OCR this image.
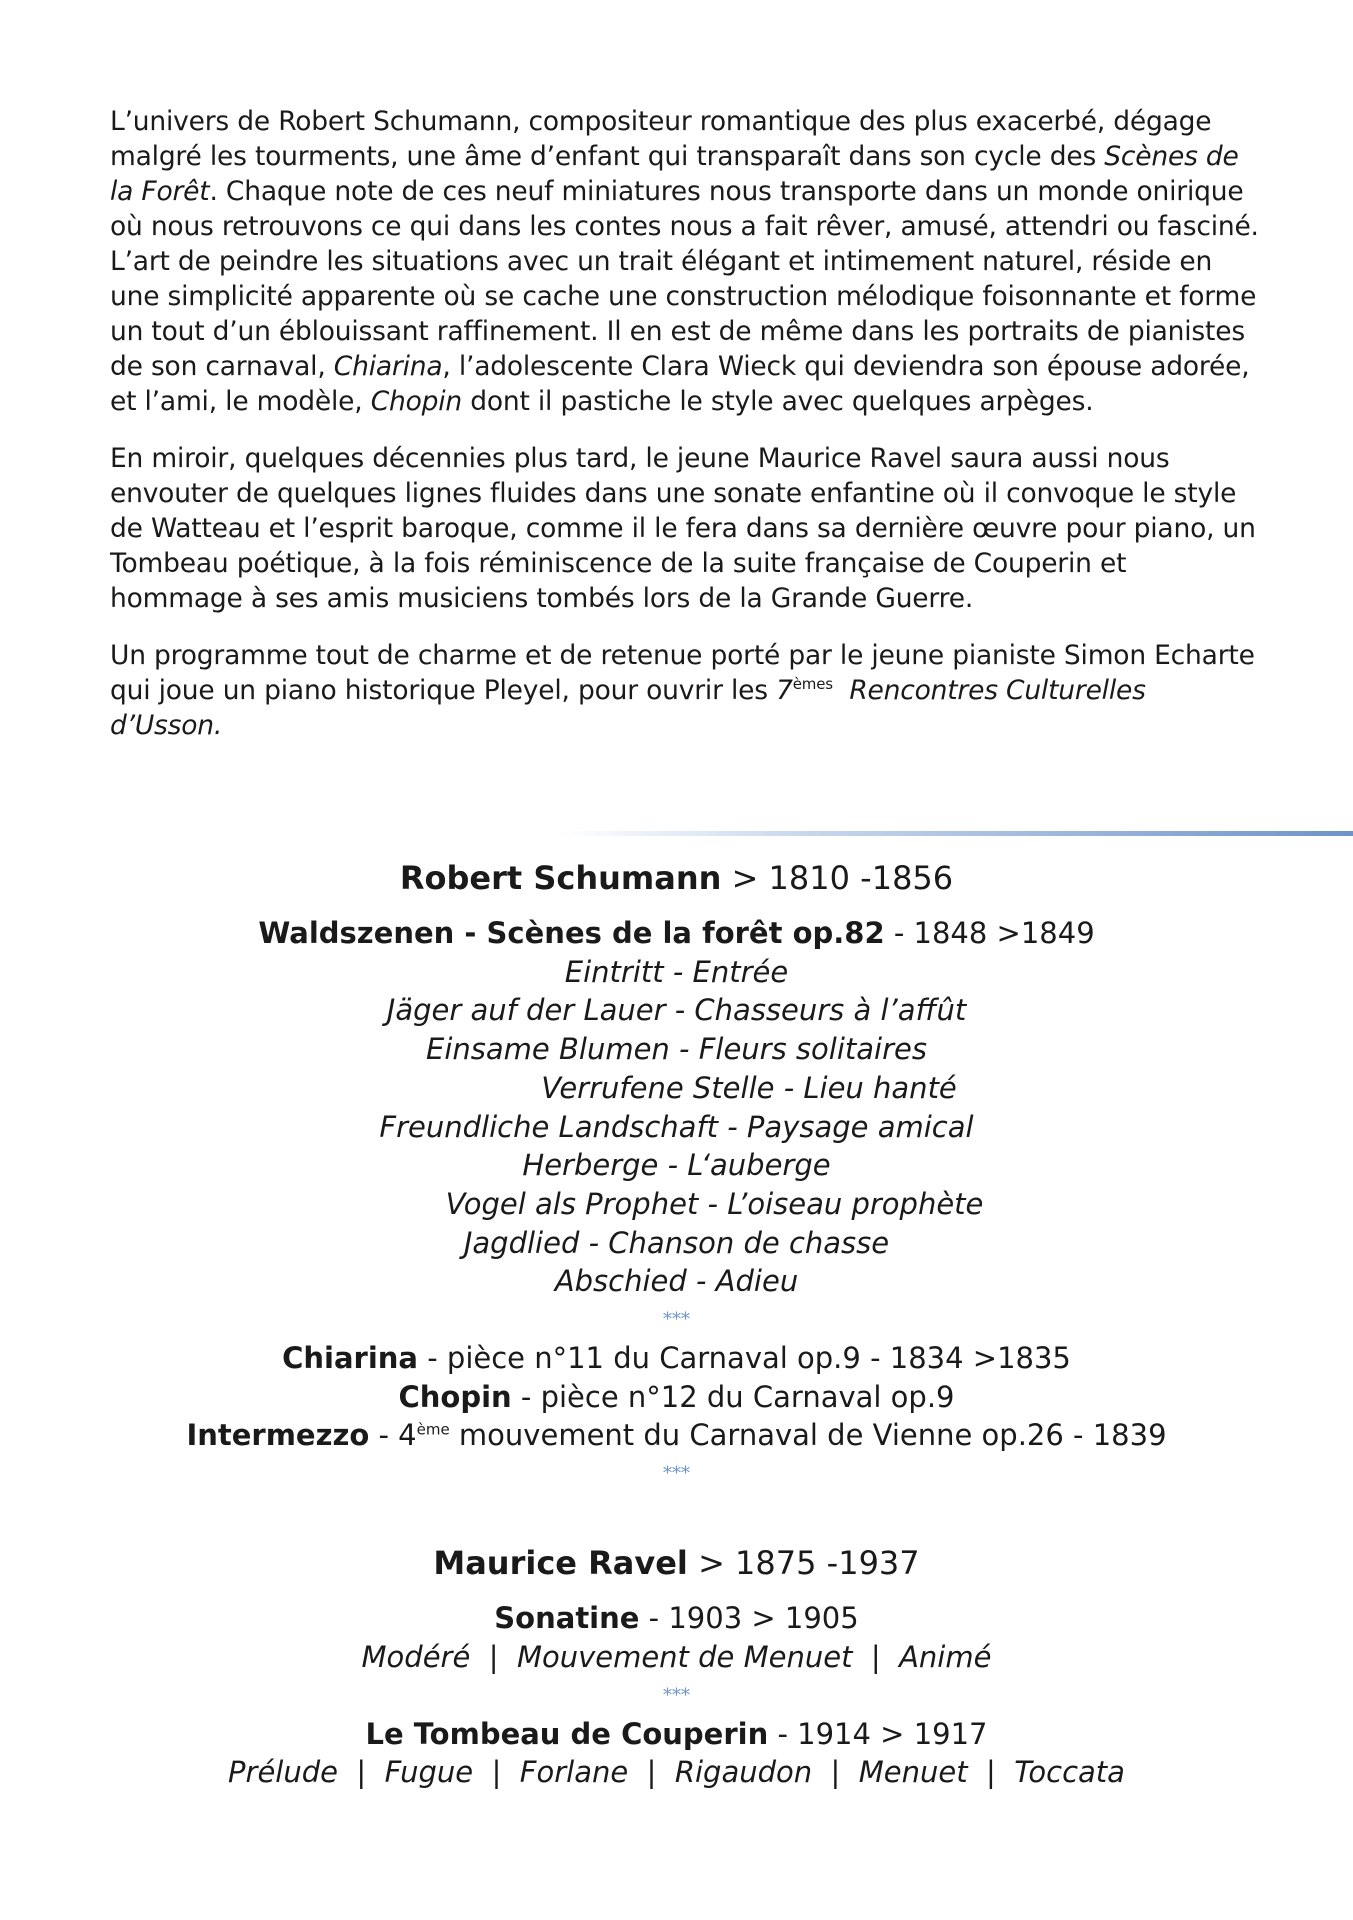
L’univers de Robert Schumann, compositeur romantique des plus exacerbé, dégage malgré les tourments, une âme d’enfant qui transparaît dans son cycle des Scènes de la Forêt. Chaque note de ces neuf miniatures nous transporte dans un monde onirique où nous retrouvons ce qui dans les contes nous a fait rêver, amusé, attendri ou fasciné. L’art de peindre les situations avec un trait élégant et intimement naturel, réside en une simplicité apparente où se cache une construction mélodique foisonnante et forme un tout d’un éblouissant raffinement. Il en est de même dans les portraits de pianistes de son carnaval, Chiarina, l’adolescente Clara Wieck qui deviendra son épouse adorée, et l’ami, le modèle, Chopin dont il pastiche le style avec quelques arpèges.

En miroir, quelques décennies plus tard, le jeune Maurice Ravel saura aussi nous envouter de quelques lignes fluides dans une sonate enfantine où il convoque le style de Watteau et l’esprit baroque, comme il le fera dans sa dernière œuvre pour piano, un Tombeau poétique, à la fois réminiscence de la suite française de Couperin et hommage à ses amis musiciens tombés lors de la Grande Guerre.

Un programme tout de charme et de retenue porté par le jeune pianiste Simon Echarte qui joue un piano historique Pleyel, pour ouvrir les 7èmes  Rencontres Culturelles d’Usson.

Robert Schumann > 1810 -1856
Waldszenen - Scènes de la forêt op.82 - 1848 >1849
Eintritt - Entrée
Jäger auf der Lauer - Chasseurs à l’affût
Einsame Blumen - Fleurs solitaires
Verrufene Stelle - Lieu hanté
Freundliche Landschaft - Paysage amical
Herberge - L‘auberge
Vogel als Prophet - L’oiseau prophète
Jagdlied - Chanson de chasse
Abschied - Adieu
***
Chiarina - pièce n°11 du Carnaval op.9 - 1834 >1835
Chopin - pièce n°12 du Carnaval op.9
Intermezzo - 4ème mouvement du Carnaval de Vienne op.26 - 1839
***
Maurice Ravel > 1875 -1937
Sonatine - 1903 > 1905
Modéré  |  Mouvement de Menuet  |  Animé
***
Le Tombeau de Couperin - 1914 > 1917
Prélude  |  Fugue  |  Forlane  |  Rigaudon  |  Menuet  |  Toccata
